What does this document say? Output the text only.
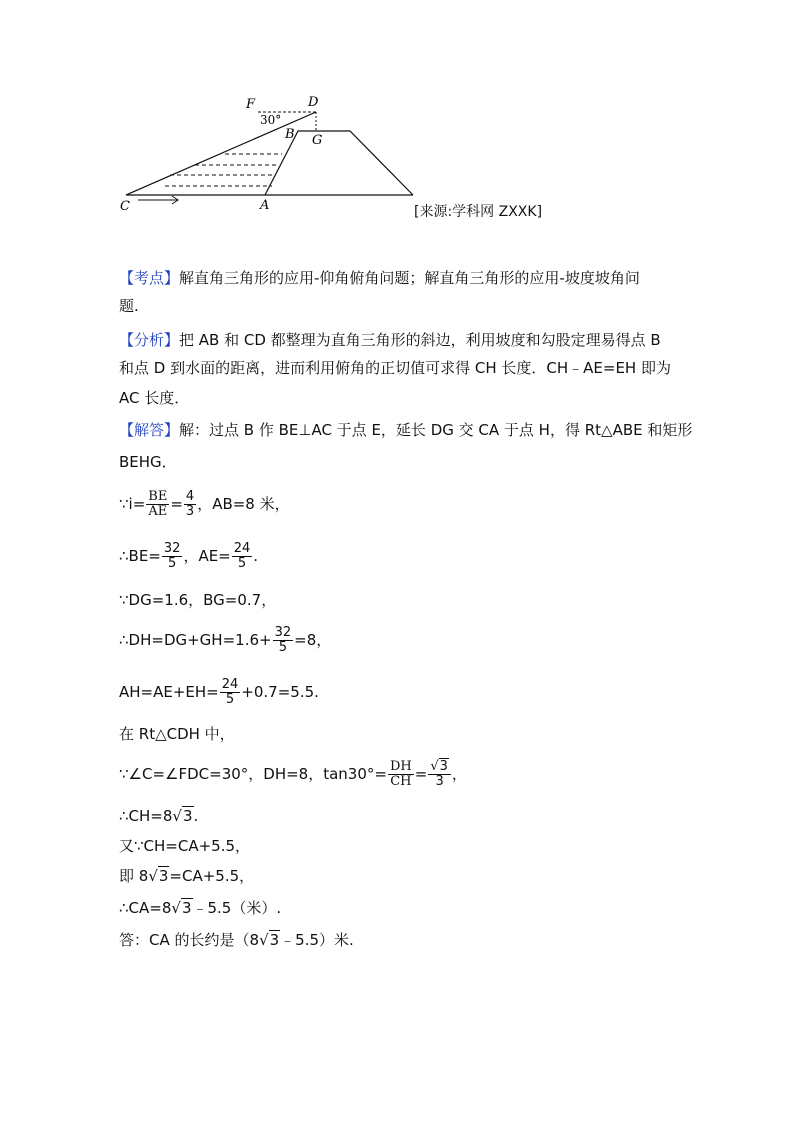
F	D
30°
B G
C	A	[来源:学科网 ZXXK]
【考点】解直角三角形的应用-仰角俯角问题；解直角三角形的应用-坡度坡角问
题.
【分析】把 AB 和 CD 都整理为直角三角形的斜边，利用坡度和勾股定理易得点 B
和点 D 到水面的距离，进而利用俯角的正切值可求得 CH 长度．CH﹣AE=EH 即为
AC 长度．
【解答】解：过点 B 作 BE⊥AC 于点 E，延长 DG 交 CA 于点 H，得 Rt△ABE 和矩形
BEHG．
∵i= $\frac{BE}{AE} = \frac{4}{3}$ ，AB=8 米，
∴BE= $\frac{32}{5}$ ，$AE= \frac{24}{5}$ .
∵DG=1.6，BG=0.7，
∴DH=DG+GH=1.6+ $\frac{32}{5} =8$，
$AH=AE+EH= \frac{24}{5} +0.7=5.5$.
在 Rt△CDH 中，
∵∠C=∠FDC=30°，DH=8，$\tan 30^\circ= \frac{DH}{CH} = \frac{√3}{3}$ ，
∴CH=8√3.
又∵CH=CA+5.5，
即 8√3=CA+5.5，
∴CA=8√3﹣5.5（米）.
答：CA 的长约是（8√3﹣5.5）米.
